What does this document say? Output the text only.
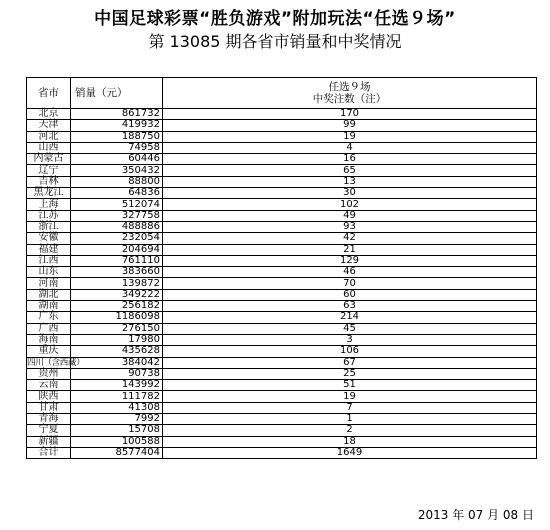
中国足球彩票“胜负游戏”附加玩法“任选９场”
第 13085 期各省市销量和中奖情况
省市	销量（元）	任选９场
中奖注数（注）

北京	861732	170
天津	419932	99
河北	188750	19
山西	74958	4
内蒙古	60446	16
辽宁	350432	65
吉林	88800	13
黑龙江	64836	30
上海	512074	102
江苏	327758	49
浙江	488886	93
安徽	232054	42
福建	204694	21
江西	761110	129
山东	383660	46
河南	139872	70
湖北	349222	60
湖南	256182	63
广东	1186098	214
广西	276150	45
海南	17980	3
重庆	435628	106
四川（含西藏）	384042	67
贵州	90738	25
云南	143992	51
陕西	111782	19
甘肃	41308	7
青海	7992	1
宁夏	15708	2
新疆	100588	18
合计	8577404	1649
2013 年 07 月 08 日
